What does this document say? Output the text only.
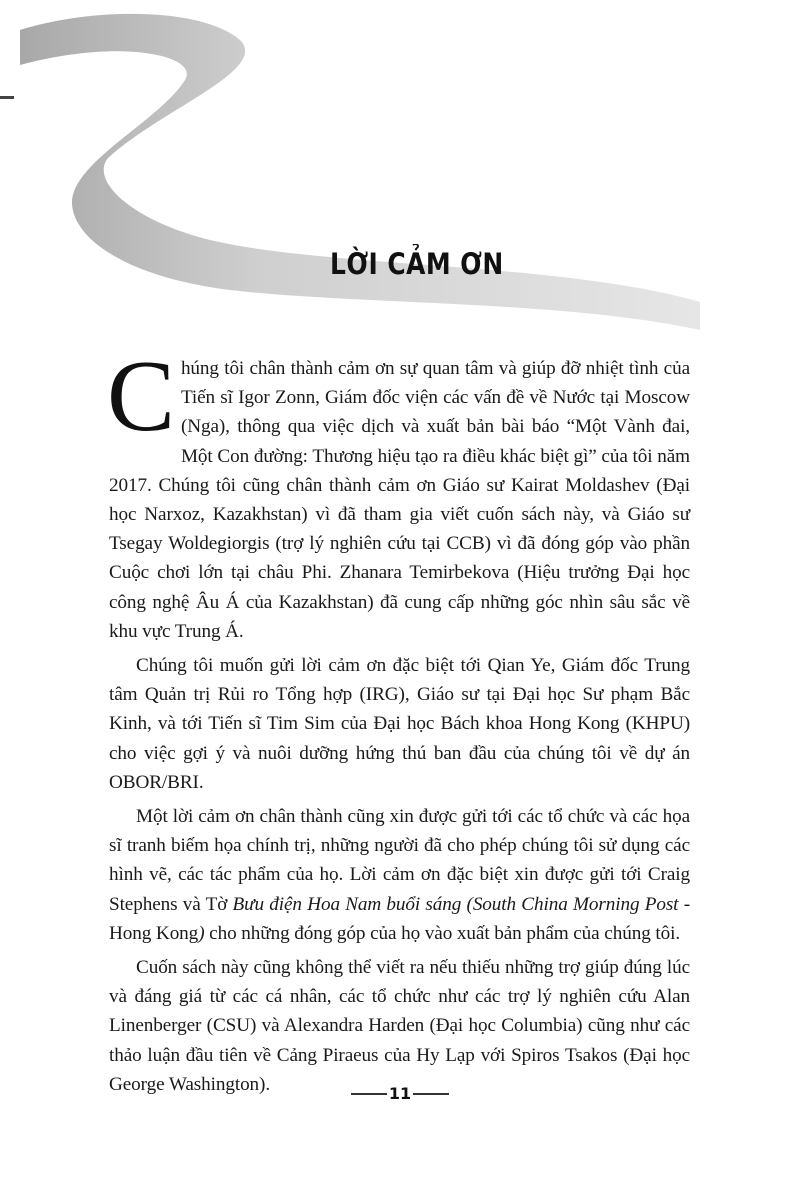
LỜI CẢM ƠN

Chúng tôi chân thành cảm ơn sự quan tâm và giúp đỡ nhiệt tình của Tiến sĩ Igor Zonn, Giám đốc viện các vấn đề về Nước tại Moscow (Nga), thông qua việc dịch và xuất bản bài báo “Một Vành đai, Một Con đường: Thương hiệu tạo ra điều khác biệt gì” của tôi năm 2017. Chúng tôi cũng chân thành cảm ơn Giáo sư Kairat Moldashev (Đại học Narxoz, Kazakhstan) vì đã tham gia viết cuốn sách này, và Giáo sư Tsegay Woldegiorgis (trợ lý nghiên cứu tại CCB) vì đã đóng góp vào phần Cuộc chơi lớn tại châu Phi. Zhanara Temirbekova (Hiệu trưởng Đại học công nghệ Âu Á của Kazakhstan) đã cung cấp những góc nhìn sâu sắc về khu vực Trung Á.

Chúng tôi muốn gửi lời cảm ơn đặc biệt tới Qian Ye, Giám đốc Trung tâm Quản trị Rủi ro Tổng hợp (IRG), Giáo sư tại Đại học Sư phạm Bắc Kinh, và tới Tiến sĩ Tim Sim của Đại học Bách khoa Hong Kong (KHPU) cho việc gợi ý và nuôi dưỡng hứng thú ban đầu của chúng tôi về dự án OBOR/BRI.

Một lời cảm ơn chân thành cũng xin được gửi tới các tổ chức và các họa sĩ tranh biếm họa chính trị, những người đã cho phép chúng tôi sử dụng các hình vẽ, các tác phẩm của họ. Lời cảm ơn đặc biệt xin được gửi tới Craig Stephens và Tờ Bưu điện Hoa Nam buổi sáng (South China Morning Post - Hong Kong) cho những đóng góp của họ vào xuất bản phẩm của chúng tôi.

Cuốn sách này cũng không thể viết ra nếu thiếu những trợ giúp đúng lúc và đáng giá từ các cá nhân, các tổ chức như các trợ lý nghiên cứu Alan Linenberger (CSU) và Alexandra Harden (Đại học Columbia) cũng như các thảo luận đầu tiên về Cảng Piraeus của Hy Lạp với Spiros Tsakos (Đại học George Washington).	11
